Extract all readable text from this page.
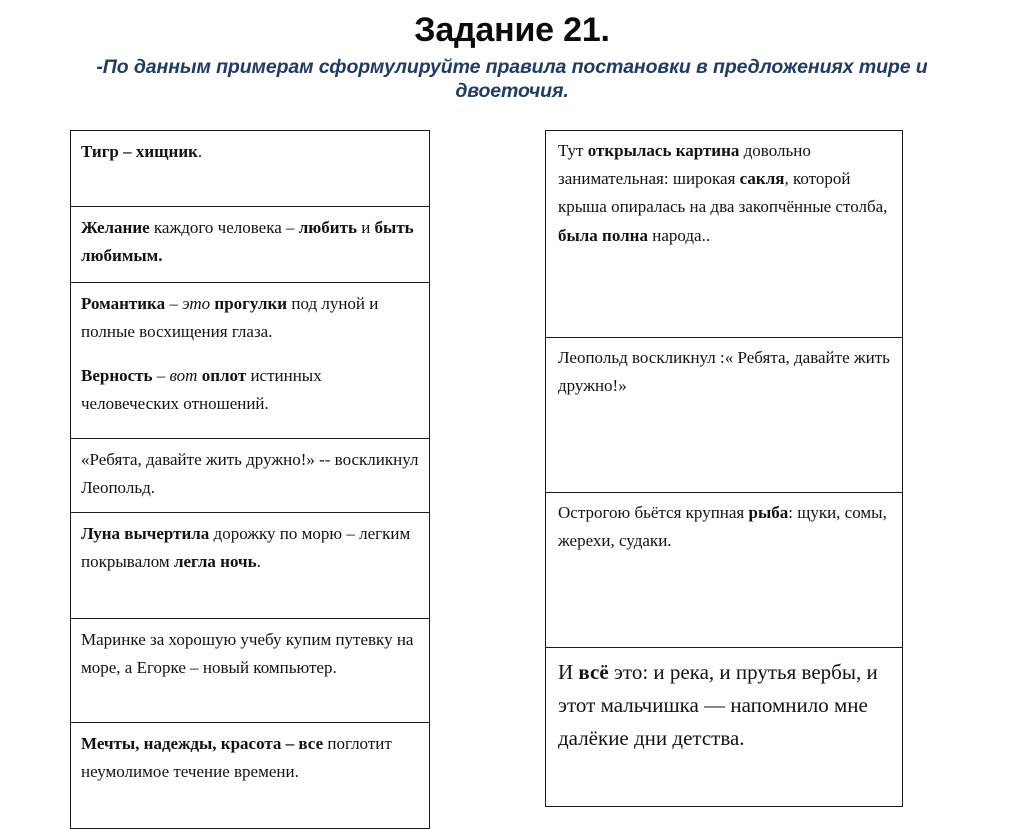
Задание 21.

-По данным примерам сформулируйте правила постановки в предложениях тире и двоеточия.

Тигр – хищник.

Желание каждого человека – любить и быть любимым.

Романтика – это прогулки под луной и полные восхищения глаза.

Верность – вот оплот истинных человеческих отношений.

«Ребята, давайте жить дружно!» -- воскликнул Леопольд.

Луна вычертила дорожку по морю – легким покрывалом легла ночь.

Маринке за хорошую учебу купим путевку на море, а Егорке – новый компьютер.

Мечты, надежды, красота – все поглотит неумолимое течение времени.

Тут открылась картина довольно занимательная: широкая сакля, которой крыша опиралась на два закопчённые столба, была полна народа..

Леопольд воскликнул :« Ребята, давайте жить дружно!»

Острогою бьётся крупная рыба: щуки, сомы, жерехи, судаки.

И всё это: и река, и прутья вербы, и этот мальчишка — напомнило мне далёкие дни детства.
